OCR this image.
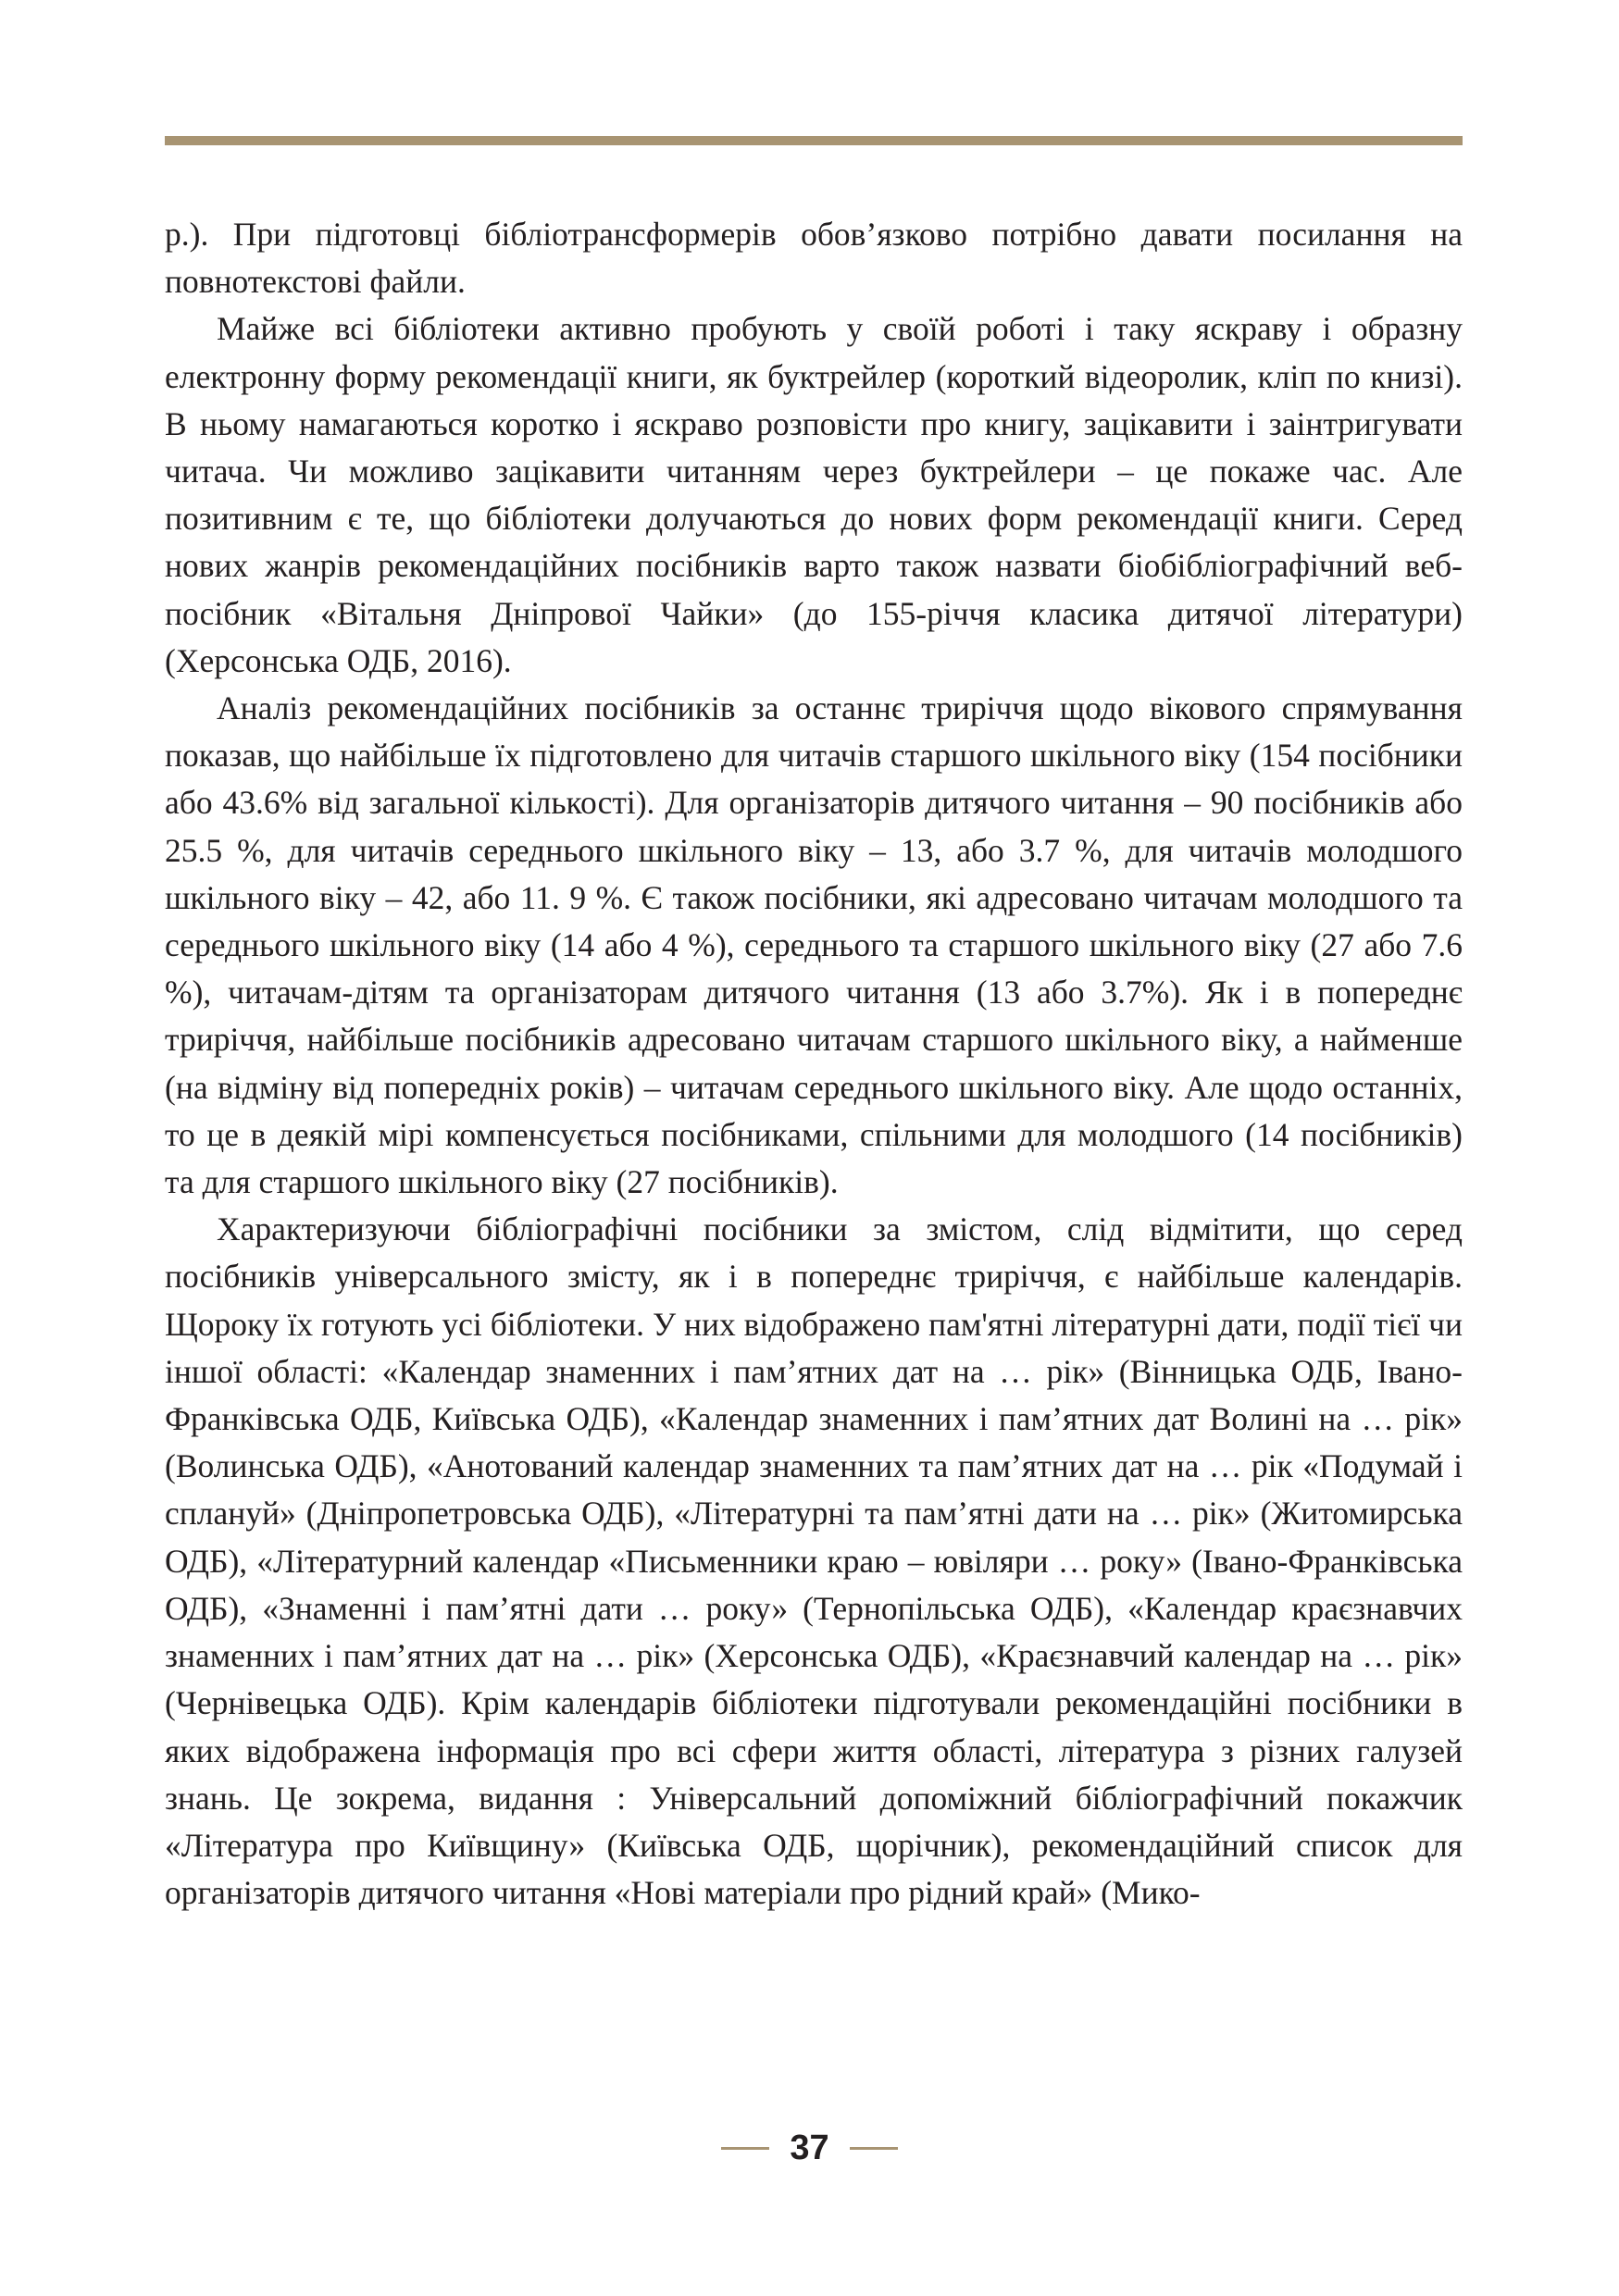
р.). При підготовці бібліотрансформерів обов’язково потрібно давати посилання на повнотекстові файли.

Майже всі бібліотеки активно пробують у своїй роботі і таку яскраву і образну електронну форму рекомендації книги, як буктрейлер (короткий відеоролик, кліп по книзі). В ньому намагаються коротко і яскраво розповісти про книгу, зацікавити і заінтригувати читача. Чи можливо зацікавити читанням через буктрейлери – це покаже час. Але позитивним є те, що бібліотеки долучаються до нових форм рекомендації книги. Серед нових жанрів рекомендаційних посібників варто також назвати біобібліографічний веб-посібник «Вітальня Дніпрової Чайки» (до 155-річчя класика дитячої літератури) (Херсонська ОДБ, 2016).

Аналіз рекомендаційних посібників за останнє триріччя щодо вікового спрямування показав, що найбільше їх підготовлено для читачів старшого шкільного віку (154 посібники або 43.6% від загальної кількості). Для організаторів дитячого читання – 90 посібників або 25.5 %, для читачів середнього шкільного віку – 13, або 3.7 %, для читачів молодшого шкільного віку – 42, або 11. 9 %. Є також посібники, які адресовано читачам молодшого та середнього шкільного віку (14 або 4 %), середнього та старшого шкільного віку (27 або 7.6 %), читачам-дітям та організаторам дитячого читання (13 або 3.7%). Як і в попереднє триріччя, найбільше посібників адресовано читачам старшого шкільного віку, а найменше (на відміну від попередніх років) – читачам середнього шкільного віку. Але щодо останніх, то це в деякій мірі компенсується посібниками, спільними для молодшого (14 посібників) та для старшого шкільного віку (27 посібників).

Характеризуючи бібліографічні посібники за змістом, слід відмітити, що серед посібників універсального змісту, як і в попереднє триріччя, є найбільше календарів. Щороку їх готують усі бібліотеки. У них відображено пам'ятні літературні дати, події тієї чи іншої області: «Календар знаменних і пам’ятних дат на … рік» (Вінницька ОДБ, Івано-Франківська ОДБ, Київська ОДБ), «Календар знаменних і пам’ятних дат Волині на … рік» (Волинська ОДБ), «Анотований календар знаменних та пам’ятних дат на … рік «Подумай і сплануй» (Дніпропетровська ОДБ), «Літературні та пам’ятні дати на … рік» (Житомирська ОДБ), «Літературний календар «Письменники краю – ювіляри … року» (Івано-Франківська ОДБ), «Знаменні і пам’ятні дати … року» (Тернопільська ОДБ), «Календар краєзнавчих знаменних і пам’ятних дат на … рік» (Херсонська ОДБ), «Краєзнавчий календар на … рік» (Чернівецька ОДБ). Крім календарів бібліотеки підготували рекомендаційні посібники в яких відображена інформація про всі сфери життя області, література з різних галузей знань. Це зокрема, видання : Універсальний допоміжний бібліографічний покажчик «Література про Київщину» (Київська ОДБ, щорічник), рекомендаційний список для організаторів дитячого читання «Нові матеріали про рідний край» (Мико-

37
